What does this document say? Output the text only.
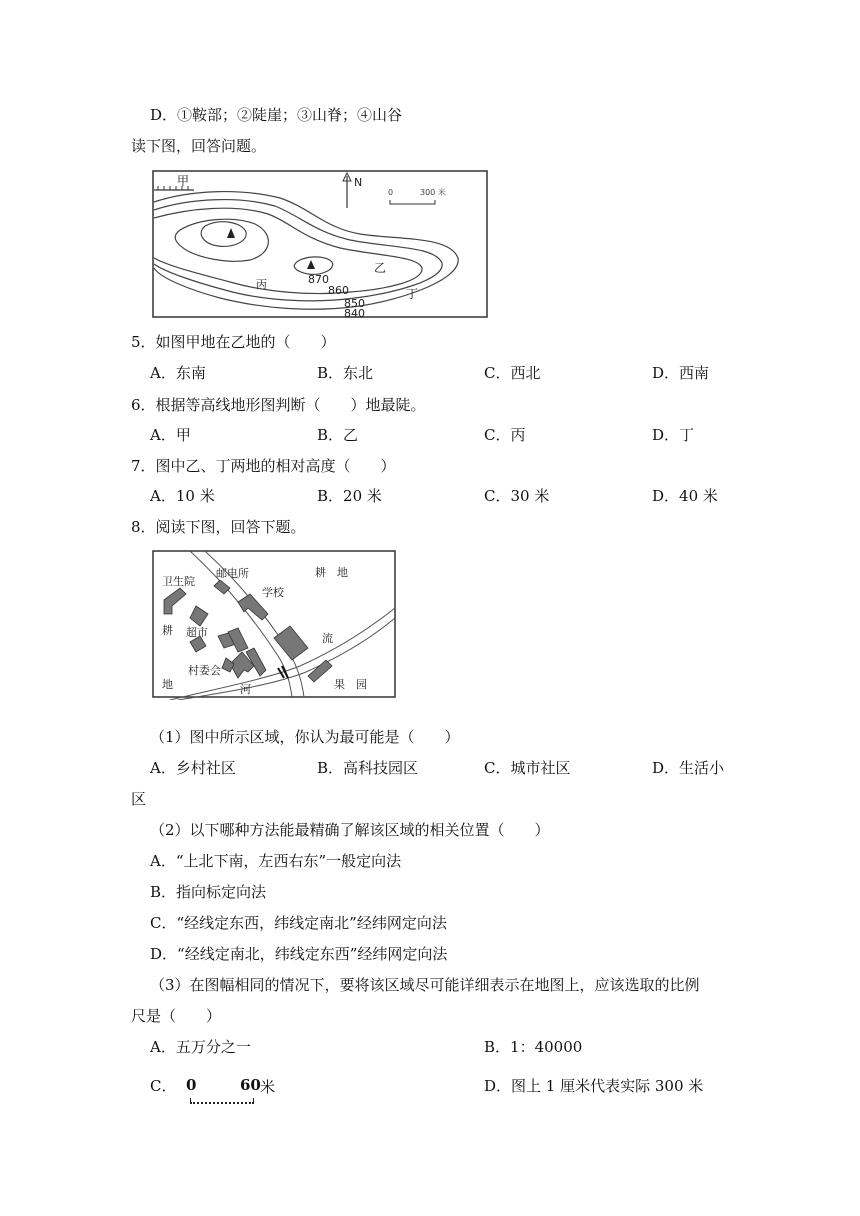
D．①鞍部；②陡崖；③山脊；④山谷
读下图，回答问题。
甲
870
乙
丙	860	丁
850
840
N
0	300 米
5．如图甲地在乙地的（　　）
A．东南	B．东北	C．西北	D．西南
6．根据等高线地形图判断（　　）地最陡。
A．甲	B．乙	C．丙	D．丁
7．图中乙、丁两地的相对高度（　　）
A．10 米	B．20 米	C．30 米	D．40 米
8．阅读下图，回答下题。
邮电所	耕　地
卫生院
学校
耕 超市	流
村委会
地	河	果　园
（1）图中所示区域，你认为最可能是（　　）
A．乡村社区	B．高科技园区	C．城市社区	D．生活小
区
（2）以下哪种方法能最精确了解该区域的相关位置（　　）
A．“上北下南，左西右东”一般定向法
B．指向标定向法
C．“经线定东西，纬线定南北”经纬网定向法
D．“经线定南北，纬线定东西”经纬网定向法
（3）在图幅相同的情况下，要将该区域尽可能详细表示在地图上，应该选取的比例
尺是（　　）
A．五万分之一	B．1：40000
C． 0	60 米	D．图上 1 厘米代表实际 300 米
